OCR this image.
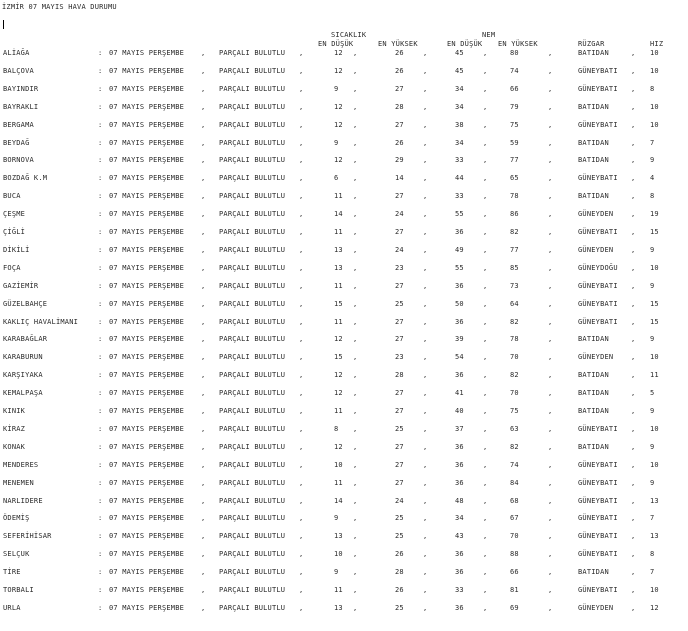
İZMİR 07 MAYIS HAVA DURUMU
SICAKLIK	NEM
EN DÜŞÜK	EN YÜKSEK	EN DÜŞÜK EN YÜKSEK	RÜZGAR	HIZ
ALİAĞA	: 07 MAYIS PERŞEMBE , PARÇALI BULUTLU ,	12 ,	26	,	45	,	80	,	BATIDAN	, 10
BALÇOVA	: 07 MAYIS PERŞEMBE , PARÇALI BULUTLU ,	12 ,	26	,	45	,	74	,	GÜNEYBATI , 10
BAYINDIR	: 07 MAYIS PERŞEMBE , PARÇALI BULUTLU ,	9 ,	27	,	34	,	66	,	GÜNEYBATI , 8
BAYRAKLI	: 07 MAYIS PERŞEMBE , PARÇALI BULUTLU ,	12 ,	28	,	34	,	79	,	BATIDAN	, 10
BERGAMA	: 07 MAYIS PERŞEMBE , PARÇALI BULUTLU ,	12 ,	27	,	38	,	75	,	GÜNEYBATI , 10
BEYDAĞ	: 07 MAYIS PERŞEMBE , PARÇALI BULUTLU ,	9 ,	26	,	34	,	59	,	BATIDAN	, 7
BORNOVA	: 07 MAYIS PERŞEMBE , PARÇALI BULUTLU ,	12 ,	29	,	33	,	77	,	BATIDAN	, 9
BOZDAĞ K.M	: 07 MAYIS PERŞEMBE , PARÇALI BULUTLU ,	6 ,	14	,	44	,	65	,	GÜNEYBATI , 4
BUCA	: 07 MAYIS PERŞEMBE , PARÇALI BULUTLU ,	11 ,	27	,	33	,	78	,	BATIDAN	, 8
ÇEŞME	: 07 MAYIS PERŞEMBE , PARÇALI BULUTLU ,	14 ,	24	,	55	,	86	,	GÜNEYDEN	, 19
ÇİĞLİ	: 07 MAYIS PERŞEMBE , PARÇALI BULUTLU ,	11 ,	27	,	36	,	82	,	GÜNEYBATI , 15
DİKİLİ	: 07 MAYIS PERŞEMBE , PARÇALI BULUTLU ,	13 ,	24	,	49	,	77	,	GÜNEYDEN	, 9
FOÇA	: 07 MAYIS PERŞEMBE , PARÇALI BULUTLU ,	13 ,	23	,	55	,	85	,	GÜNEYDOĞU , 10
GAZİEMİR	: 07 MAYIS PERŞEMBE , PARÇALI BULUTLU ,	11 ,	27	,	36	,	73	,	GÜNEYBATI , 9
GÜZELBAHÇE	: 07 MAYIS PERŞEMBE , PARÇALI BULUTLU ,	15 ,	25	,	50	,	64	,	GÜNEYBATI , 15
KAKLIÇ HAVALİMANI	: 07 MAYIS PERŞEMBE , PARÇALI BULUTLU ,	11 ,	27	,	36	,	82	,	GÜNEYBATI , 15
KARABAĞLAR	: 07 MAYIS PERŞEMBE , PARÇALI BULUTLU ,	12 ,	27	,	39	,	78	,	BATIDAN	, 9
KARABURUN	: 07 MAYIS PERŞEMBE , PARÇALI BULUTLU ,	15 ,	23	,	54	,	70	,	GÜNEYDEN	, 10
KARŞIYAKA	: 07 MAYIS PERŞEMBE , PARÇALI BULUTLU ,	12 ,	28	,	36	,	82	,	BATIDAN	, 11
KEMALPAŞA	: 07 MAYIS PERŞEMBE , PARÇALI BULUTLU ,	12 ,	27	,	41	,	70	,	BATIDAN	, 5
KINIK	: 07 MAYIS PERŞEMBE , PARÇALI BULUTLU ,	11 ,	27	,	40	,	75	,	BATIDAN	, 9
KİRAZ	: 07 MAYIS PERŞEMBE , PARÇALI BULUTLU ,	8 ,	25	,	37	,	63	,	GÜNEYBATI , 10
KONAK	: 07 MAYIS PERŞEMBE , PARÇALI BULUTLU ,	12 ,	27	,	36	,	82	,	BATIDAN	, 9
MENDERES	: 07 MAYIS PERŞEMBE , PARÇALI BULUTLU ,	10 ,	27	,	36	,	74	,	GÜNEYBATI , 10
MENEMEN	: 07 MAYIS PERŞEMBE , PARÇALI BULUTLU ,	11 ,	27	,	36	,	84	,	GÜNEYBATI , 9
NARLIDERE	: 07 MAYIS PERŞEMBE , PARÇALI BULUTLU ,	14 ,	24	,	48	,	68	,	GÜNEYBATI , 13
ÖDEMİŞ	: 07 MAYIS PERŞEMBE , PARÇALI BULUTLU ,	9 ,	25	,	34	,	67	,	GÜNEYBATI , 7
SEFERİHİSAR	: 07 MAYIS PERŞEMBE , PARÇALI BULUTLU ,	13 ,	25	,	43	,	70	,	GÜNEYBATI , 13
SELÇUK	: 07 MAYIS PERŞEMBE , PARÇALI BULUTLU ,	10 ,	26	,	36	,	88	,	GÜNEYBATI , 8
TİRE	: 07 MAYIS PERŞEMBE , PARÇALI BULUTLU ,	9 ,	28	,	36	,	66	,	BATIDAN	, 7
TORBALI	: 07 MAYIS PERŞEMBE , PARÇALI BULUTLU ,	11 ,	26	,	33	,	81	,	GÜNEYBATI , 10
URLA	: 07 MAYIS PERŞEMBE , PARÇALI BULUTLU ,	13 ,	25	,	36	,	69	,	GÜNEYDEN	, 12
